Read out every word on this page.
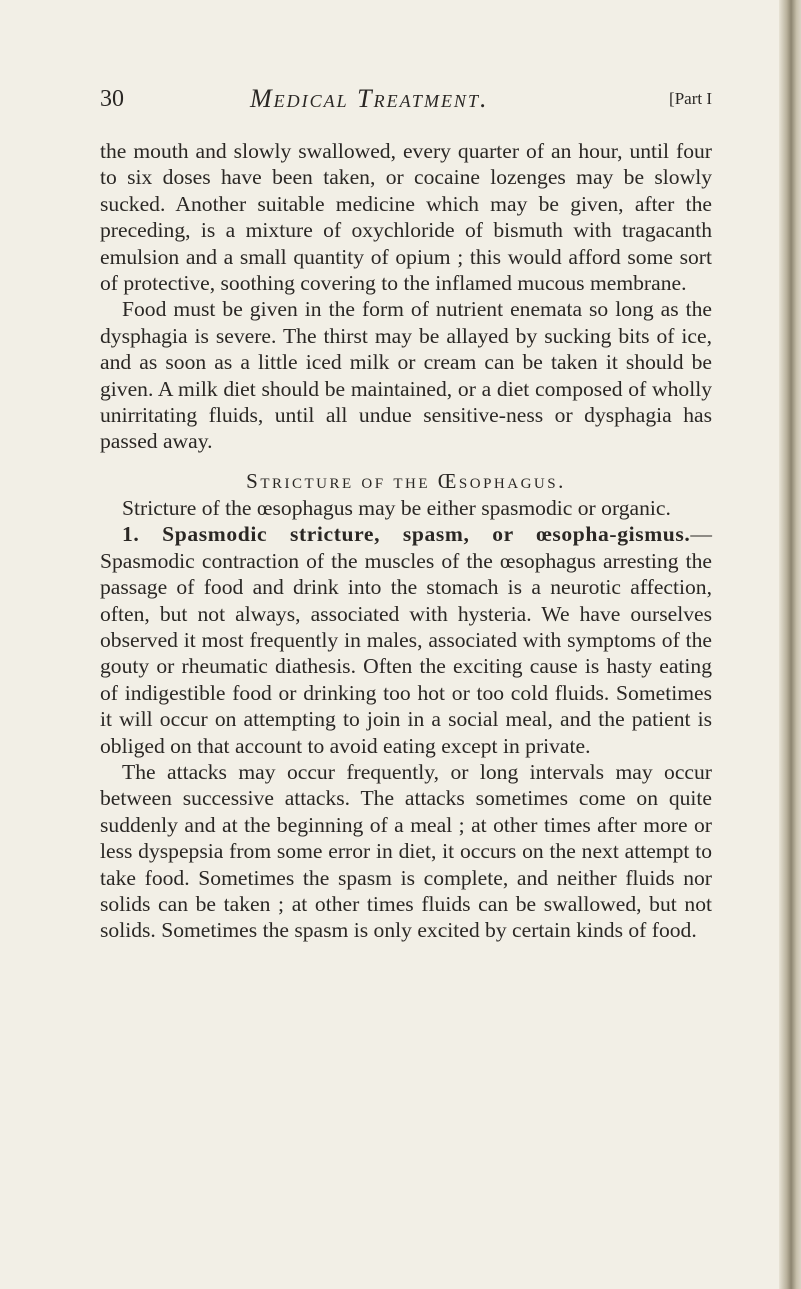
30	Medical Treatment.	[Part I

the mouth and slowly swallowed, every quarter of an hour, until four to six doses have been taken, or cocaine lozenges may be slowly sucked. Another suitable medicine which may be given, after the preceding, is a mixture of oxychloride of bismuth with tragacanth emulsion and a small quantity of opium ; this would afford some sort of protective, soothing covering to the inflamed mucous membrane.

Food must be given in the form of nutrient enemata so long as the dysphagia is severe. The thirst may be allayed by sucking bits of ice, and as soon as a little iced milk or cream can be taken it should be given. A milk diet should be maintained, or a diet composed of wholly unirritating fluids, until all undue sensitive-ness or dysphagia has passed away.

Stricture of the Œsophagus.

Stricture of the œsophagus may be either spasmodic or organic.

1. Spasmodic stricture, spasm, or œsopha-gismus.—Spasmodic contraction of the muscles of the œsophagus arresting the passage of food and drink into the stomach is a neurotic affection, often, but not always, associated with hysteria. We have ourselves observed it most frequently in males, associated with symptoms of the gouty or rheumatic diathesis. Often the exciting cause is hasty eating of indigestible food or drinking too hot or too cold fluids. Sometimes it will occur on attempting to join in a social meal, and the patient is obliged on that account to avoid eating except in private.

The attacks may occur frequently, or long intervals may occur between successive attacks. The attacks sometimes come on quite suddenly and at the beginning of a meal ; at other times after more or less dyspepsia from some error in diet, it occurs on the next attempt to take food. Sometimes the spasm is complete, and neither fluids nor solids can be taken ; at other times fluids can be swallowed, but not solids. Sometimes the spasm is only excited by certain kinds of food.
